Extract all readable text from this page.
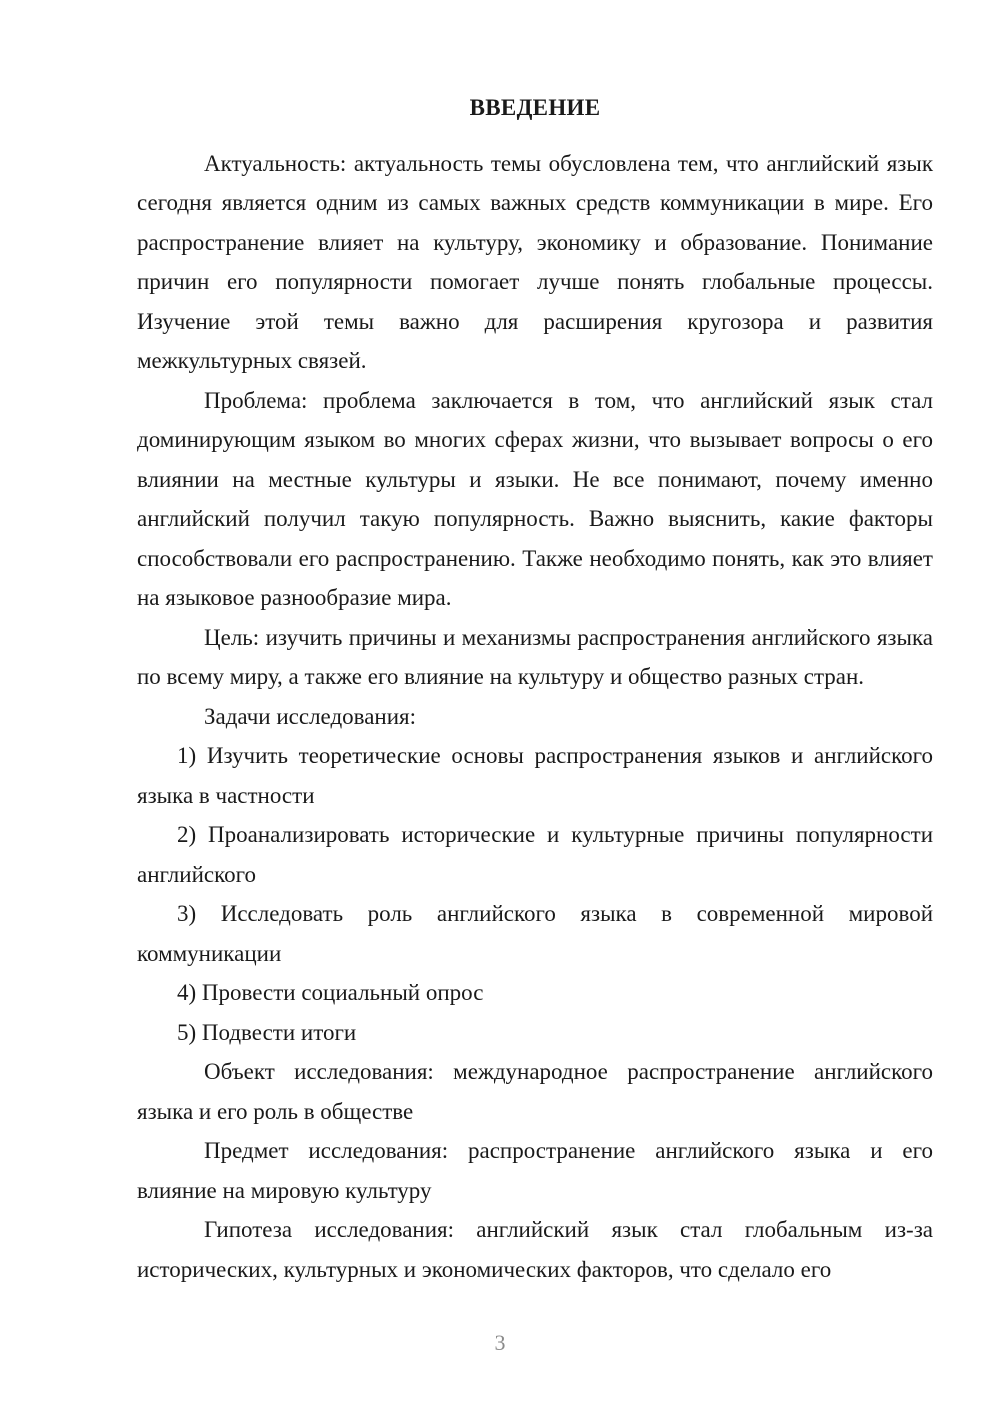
ВВЕДЕНИЕ

Актуальность: актуальность темы обусловлена тем, что английский язык сегодня является одним из самых важных средств коммуникации в мире. Его распространение влияет на культуру, экономику и образование. Понимание причин его популярности помогает лучше понять глобальные процессы. Изучение этой темы важно для расширения кругозора и развития межкультурных связей.

Проблема: проблема заключается в том, что английский язык стал доминирующим языком во многих сферах жизни, что вызывает вопросы о его влиянии на местные культуры и языки. Не все понимают, почему именно английский получил такую популярность. Важно выяснить, какие факторы способствовали его распространению. Также необходимо понять, как это влияет на языковое разнообразие мира.

Цель: изучить причины и механизмы распространения английского языка по всему миру, а также его влияние на культуру и общество разных стран.

Задачи исследования:

1) Изучить теоретические основы распространения языков и английского языка в частности

2) Проанализировать исторические и культурные причины популярности английского

3) Исследовать роль английского языка в современной мировой коммуникации

4) Провести социальный опрос

5) Подвести итоги

Объект исследования: международное распространение английского языка и его роль в обществе

Предмет исследования: распространение английского языка и его влияние на мировую культуру

Гипотеза исследования: английский язык стал глобальным из-за исторических, культурных и экономических факторов, что сделало его

3
